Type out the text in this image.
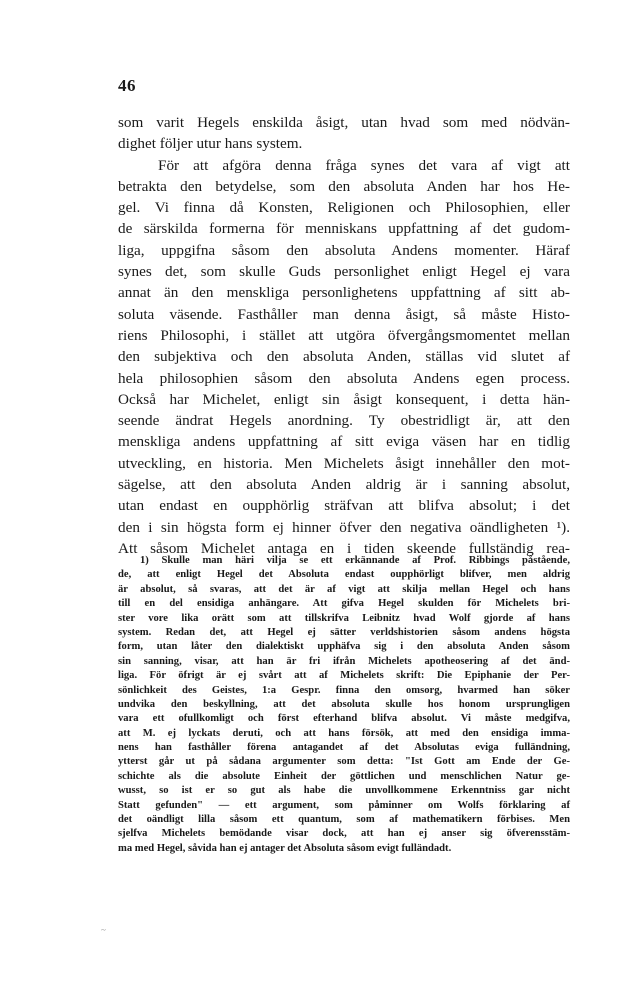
46
som varit Hegels enskilda åsigt, utan hvad som med nödvän-
dighet följer utur hans system.
För att afgöra denna fråga synes det vara af vigt att
betrakta den betydelse, som den absoluta Anden har hos He-
gel. Vi finna då Konsten, Religionen och Philosophien, eller
de särskilda formerna för menniskans uppfattning af det gudom-
liga, uppgifna såsom den absoluta Andens momenter. Häraf
synes det, som skulle Guds personlighet enligt Hegel ej vara
annat än den menskliga personlighetens uppfattning af sitt ab-
soluta väsende. Fasthåller man denna åsigt, så måste Histo-
riens Philosophi, i stället att utgöra öfvergångsmomentet mellan
den subjektiva och den absoluta Anden, ställas vid slutet af
hela philosophien såsom den absoluta Andens egen process.
Också har Michelet, enligt sin åsigt konsequent, i detta hän-
seende ändrat Hegels anordning. Ty obestridligt är, att den
menskliga andens uppfattning af sitt eviga väsen har en tidlig
utveckling, en historia. Men Michelets åsigt innehåller den mot-
sägelse, att den absoluta Anden aldrig är i sanning absolut,
utan endast en oupphörlig sträfvan att blifva absolut; i det
den i sin högsta form ej hinner öfver den negativa oändligheten ¹).
Att såsom Michelet antaga en i tiden skeende fullständig rea-
1) Skulle man häri vilja se ett erkännande af Prof. Ribbings påstående,
de, att enligt Hegel det Absoluta endast oupphörligt blifver, men aldrig
är absolut, så svaras, att det är af vigt att skilja mellan Hegel och hans
till en del ensidiga anhängare. Att gifva Hegel skulden för Michelets bri-
ster vore lika orätt som att tillskrifva Leibnitz hvad Wolf gjorde af hans
system. Redan det, att Hegel ej sätter verldshistorien såsom andens högsta
form, utan låter den dialektiskt upphäfva sig i den absoluta Anden såsom
sin sanning, visar, att han är fri ifrån Michelets apotheosering af det änd-
liga. För öfrigt är ej svårt att af Michelets skrift: Die Epiphanie der Per-
sönlichkeit des Geistes, 1:a Gespr. finna den omsorg, hvarmed han söker
undvika den beskyllning, att det absoluta skulle hos honom ursprungligen
vara ett ofullkomligt och först efterhand blifva absolut. Vi måste medgifva,
att M. ej lyckats deruti, och att hans försök, att med den ensidiga imma-
nens han fasthåller förena antagandet af det Absolutas eviga fulländning,
ytterst går ut på sådana argumenter som detta: "Ist Gott am Ende der Ge-
schichte als die absolute Einheit der göttlichen und menschlichen Natur ge-
wusst, so ist er so gut als habe die unvollkommene Erkenntniss gar nicht
Statt gefunden" — ett argument, som påminner om Wolfs förklaring af
det oändligt lilla såsom ett quantum, som af mathematikern förbises. Men
sjelfva Michelets bemödande visar dock, att han ej anser sig öfverensstäm-
ma med Hegel, såvida han ej antager det Absoluta såsom evigt fulländadt.
~
